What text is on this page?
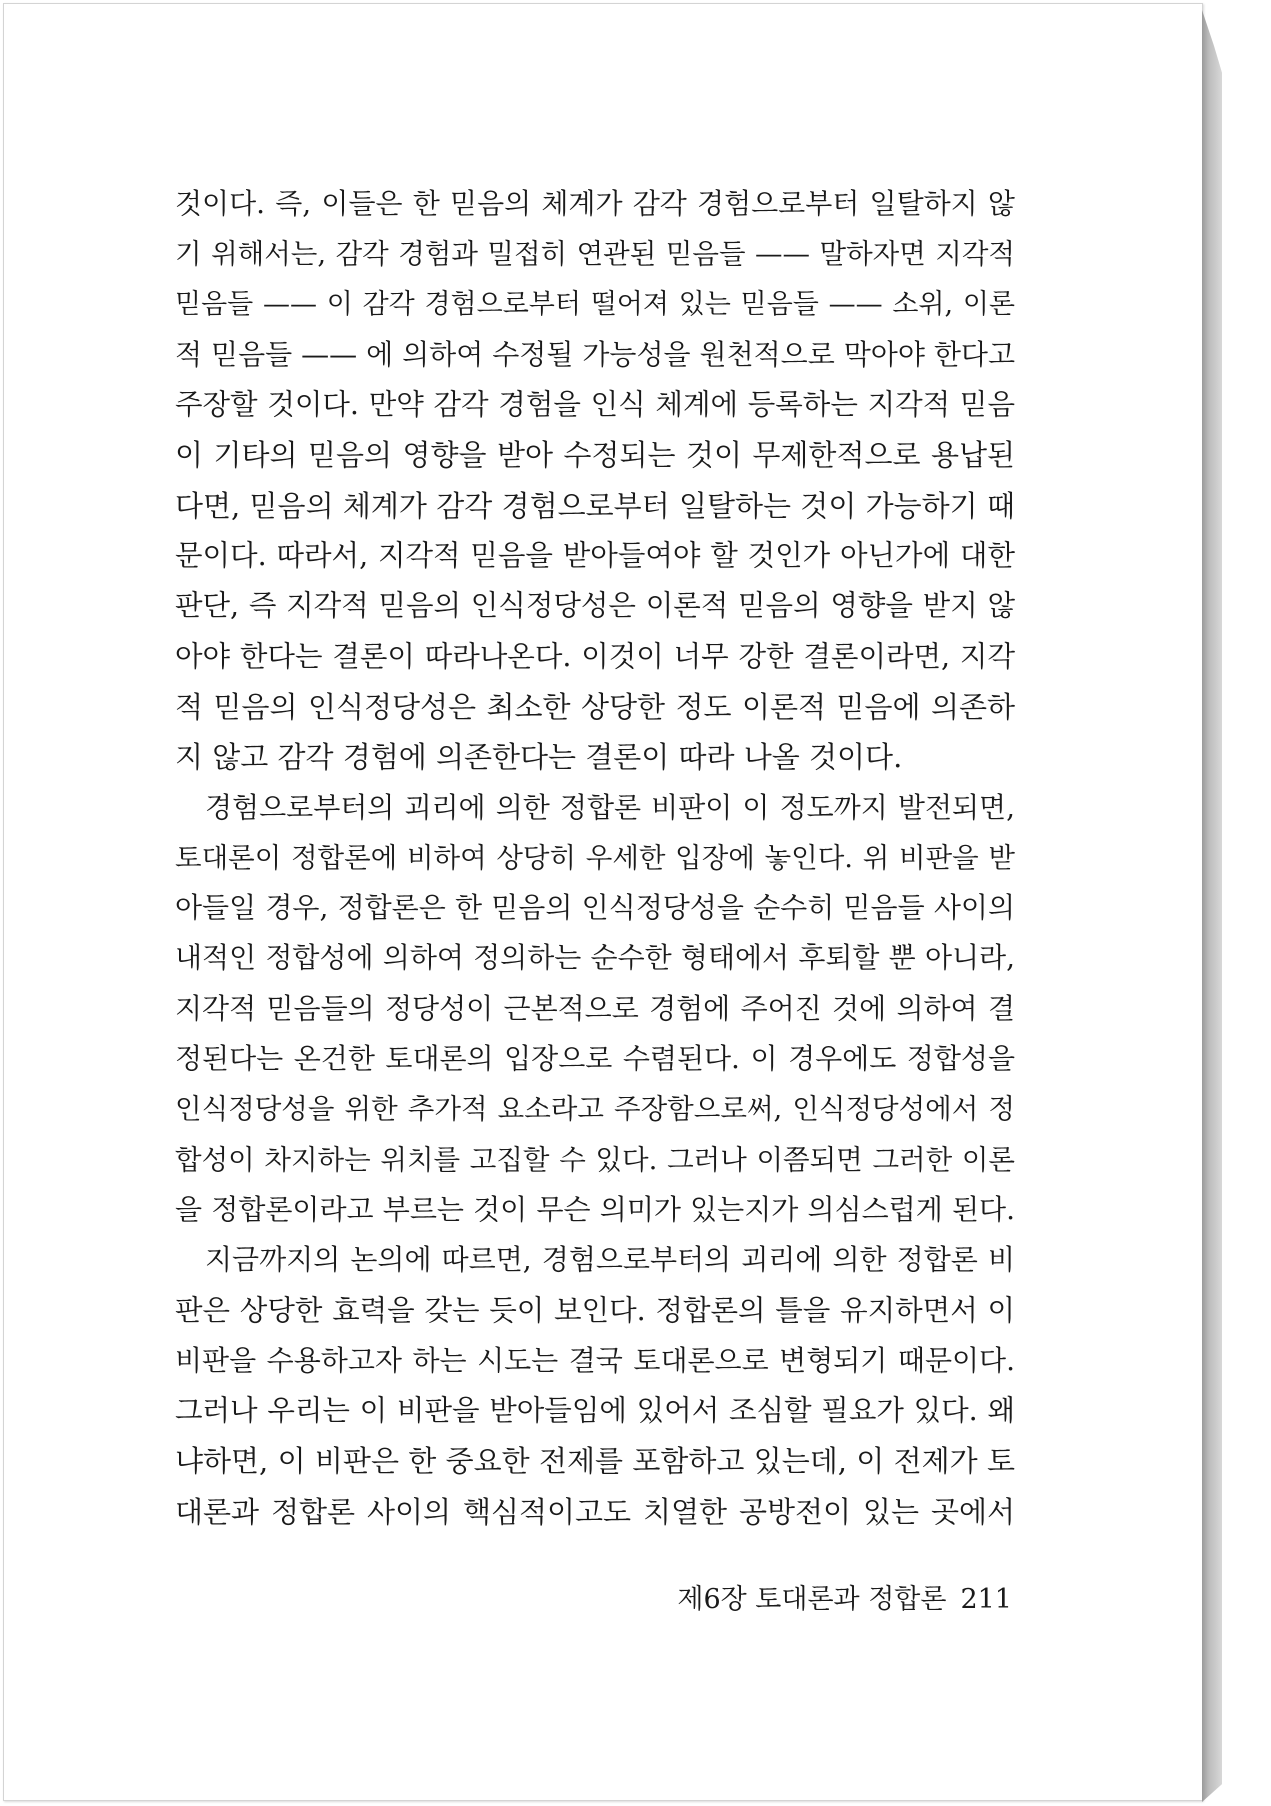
것이다. 즉, 이들은 한 믿음의 체계가 감각 경험으로부터 일탈하지 않
기 위해서는, 감각 경험과 밀접히 연관된 믿음들 —— 말하자면 지각적
믿음들 —— 이 감각 경험으로부터 떨어져 있는 믿음들 —— 소위, 이론
적 믿음들 —— 에 의하여 수정될 가능성을 원천적으로 막아야 한다고
주장할 것이다. 만약 감각 경험을 인식 체계에 등록하는 지각적 믿음
이 기타의 믿음의 영향을 받아 수정되는 것이 무제한적으로 용납된
다면, 믿음의 체계가 감각 경험으로부터 일탈하는 것이 가능하기 때
문이다. 따라서, 지각적 믿음을 받아들여야 할 것인가 아닌가에 대한
판단, 즉 지각적 믿음의 인식정당성은 이론적 믿음의 영향을 받지 않
아야 한다는 결론이 따라나온다. 이것이 너무 강한 결론이라면, 지각
적 믿음의 인식정당성은 최소한 상당한 정도 이론적 믿음에 의존하
지 않고 감각 경험에 의존한다는 결론이 따라 나올 것이다.
경험으로부터의 괴리에 의한 정합론 비판이 이 정도까지 발전되면,
토대론이 정합론에 비하여 상당히 우세한 입장에 놓인다. 위 비판을 받
아들일 경우, 정합론은 한 믿음의 인식정당성을 순수히 믿음들 사이의
내적인 정합성에 의하여 정의하는 순수한 형태에서 후퇴할 뿐 아니라,
지각적 믿음들의 정당성이 근본적으로 경험에 주어진 것에 의하여 결
정된다는 온건한 토대론의 입장으로 수렴된다. 이 경우에도 정합성을
인식정당성을 위한 추가적 요소라고 주장함으로써, 인식정당성에서 정
합성이 차지하는 위치를 고집할 수 있다. 그러나 이쯤되면 그러한 이론
을 정합론이라고 부르는 것이 무슨 의미가 있는지가 의심스럽게 된다.
지금까지의 논의에 따르면, 경험으로부터의 괴리에 의한 정합론 비
판은 상당한 효력을 갖는 듯이 보인다. 정합론의 틀을 유지하면서 이
비판을 수용하고자 하는 시도는 결국 토대론으로 변형되기 때문이다.
그러나 우리는 이 비판을 받아들임에 있어서 조심할 필요가 있다. 왜
냐하면, 이 비판은 한 중요한 전제를 포함하고 있는데, 이 전제가 토
대론과 정합론 사이의 핵심적이고도 치열한 공방전이 있는 곳에서
제6장 토대론과 정합론 211
